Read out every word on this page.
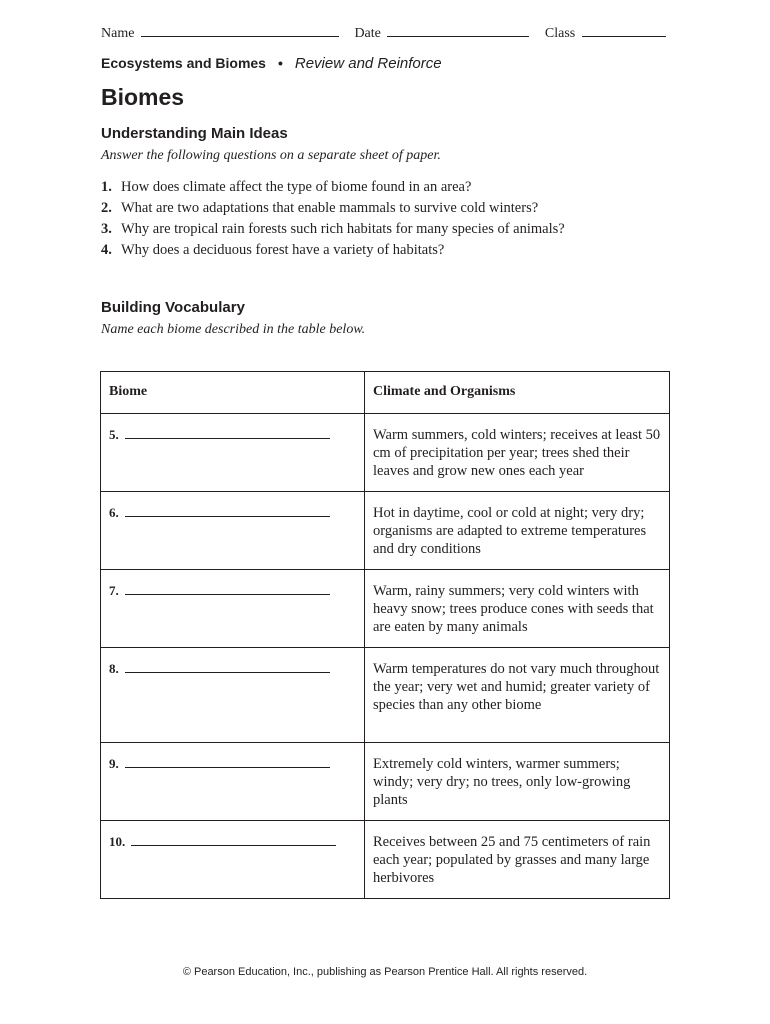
Name	Date	Class
Ecosystems and Biomes • Review and Reinforce
Biomes
Understanding Main Ideas

Answer the following questions on a separate sheet of paper.

1. How does climate affect the type of biome found in an area?
2. What are two adaptations that enable mammals to survive cold winters?
3. Why are tropical rain forests such rich habitats for many species of animals?
4. Why does a deciduous forest have a variety of habitats?
Building Vocabulary

Name each biome described in the table below.

Biome	Climate and Organisms
5.	Warm summers, cold winters; receives at least 50 cm of precipitation per year; trees shed their leaves and grow new ones each year
6.	Hot in daytime, cool or cold at night; very dry; organisms are adapted to extreme temperatures and dry conditions
7.	Warm, rainy summers; very cold winters with heavy snow; trees produce cones with seeds that are eaten by many animals
8.	Warm temperatures do not vary much throughout the year; very wet and humid; greater variety of species than any other biome
9.	Extremely cold winters, warmer summers; windy; very dry; no trees, only low-growing plants
10.	Receives between 25 and 75 centimeters of rain each year; populated by grasses and many large herbivores
© Pearson Education, Inc., publishing as Pearson Prentice Hall. All rights reserved.
